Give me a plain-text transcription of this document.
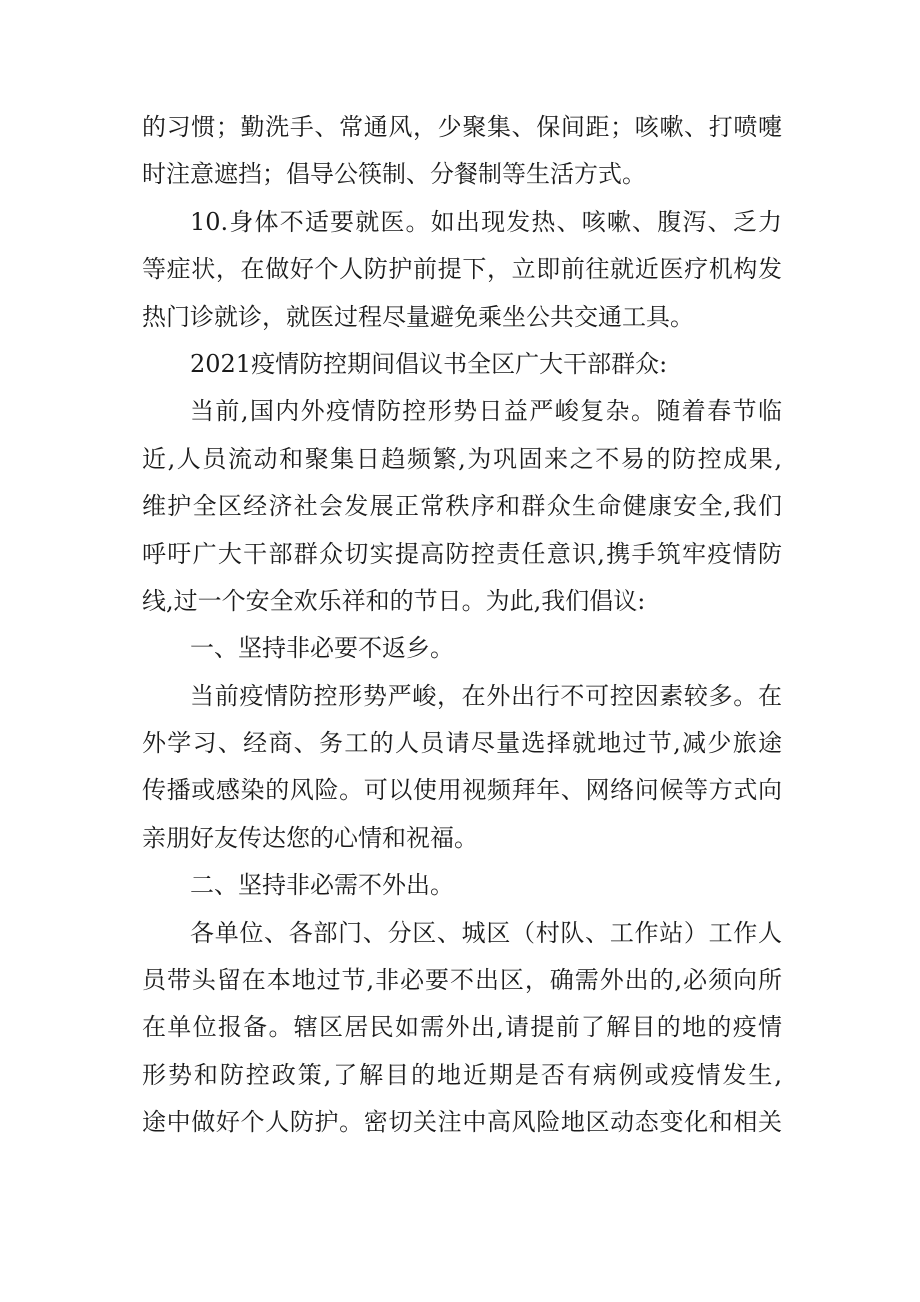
的习惯；勤洗手、常通风，少聚集、保间距；咳嗽、打喷嚏
时注意遮挡；倡导公筷制、分餐制等生活方式。
10.身体不适要就医。如出现发热、咳嗽、腹泻、乏力
等症状，在做好个人防护前提下，立即前往就近医疗机构发
热门诊就诊，就医过程尽量避免乘坐公共交通工具。
2021疫情防控期间倡议书全区广大干部群众:
当前,国内外疫情防控形势日益严峻复杂。随着春节临
近,人员流动和聚集日趋频繁,为巩固来之不易的防控成果,
维护全区经济社会发展正常秩序和群众生命健康安全,我们
呼吁广大干部群众切实提高防控责任意识,携手筑牢疫情防
线,过一个安全欢乐祥和的节日。为此,我们倡议:
一、坚持非必要不返乡。
当前疫情防控形势严峻，在外出行不可控因素较多。在
外学习、经商、务工的人员请尽量选择就地过节,减少旅途
传播或感染的风险。可以使用视频拜年、网络问候等方式向
亲朋好友传达您的心情和祝福。
二、坚持非必需不外出。
各单位、各部门、分区、城区（村队、工作站）工作人
员带头留在本地过节,非必要不出区，确需外出的,必须向所
在单位报备。辖区居民如需外出,请提前了解目的地的疫情
形势和防控政策,了解目的地近期是否有病例或疫情发生,
途中做好个人防护。密切关注中高风险地区动态变化和相关
